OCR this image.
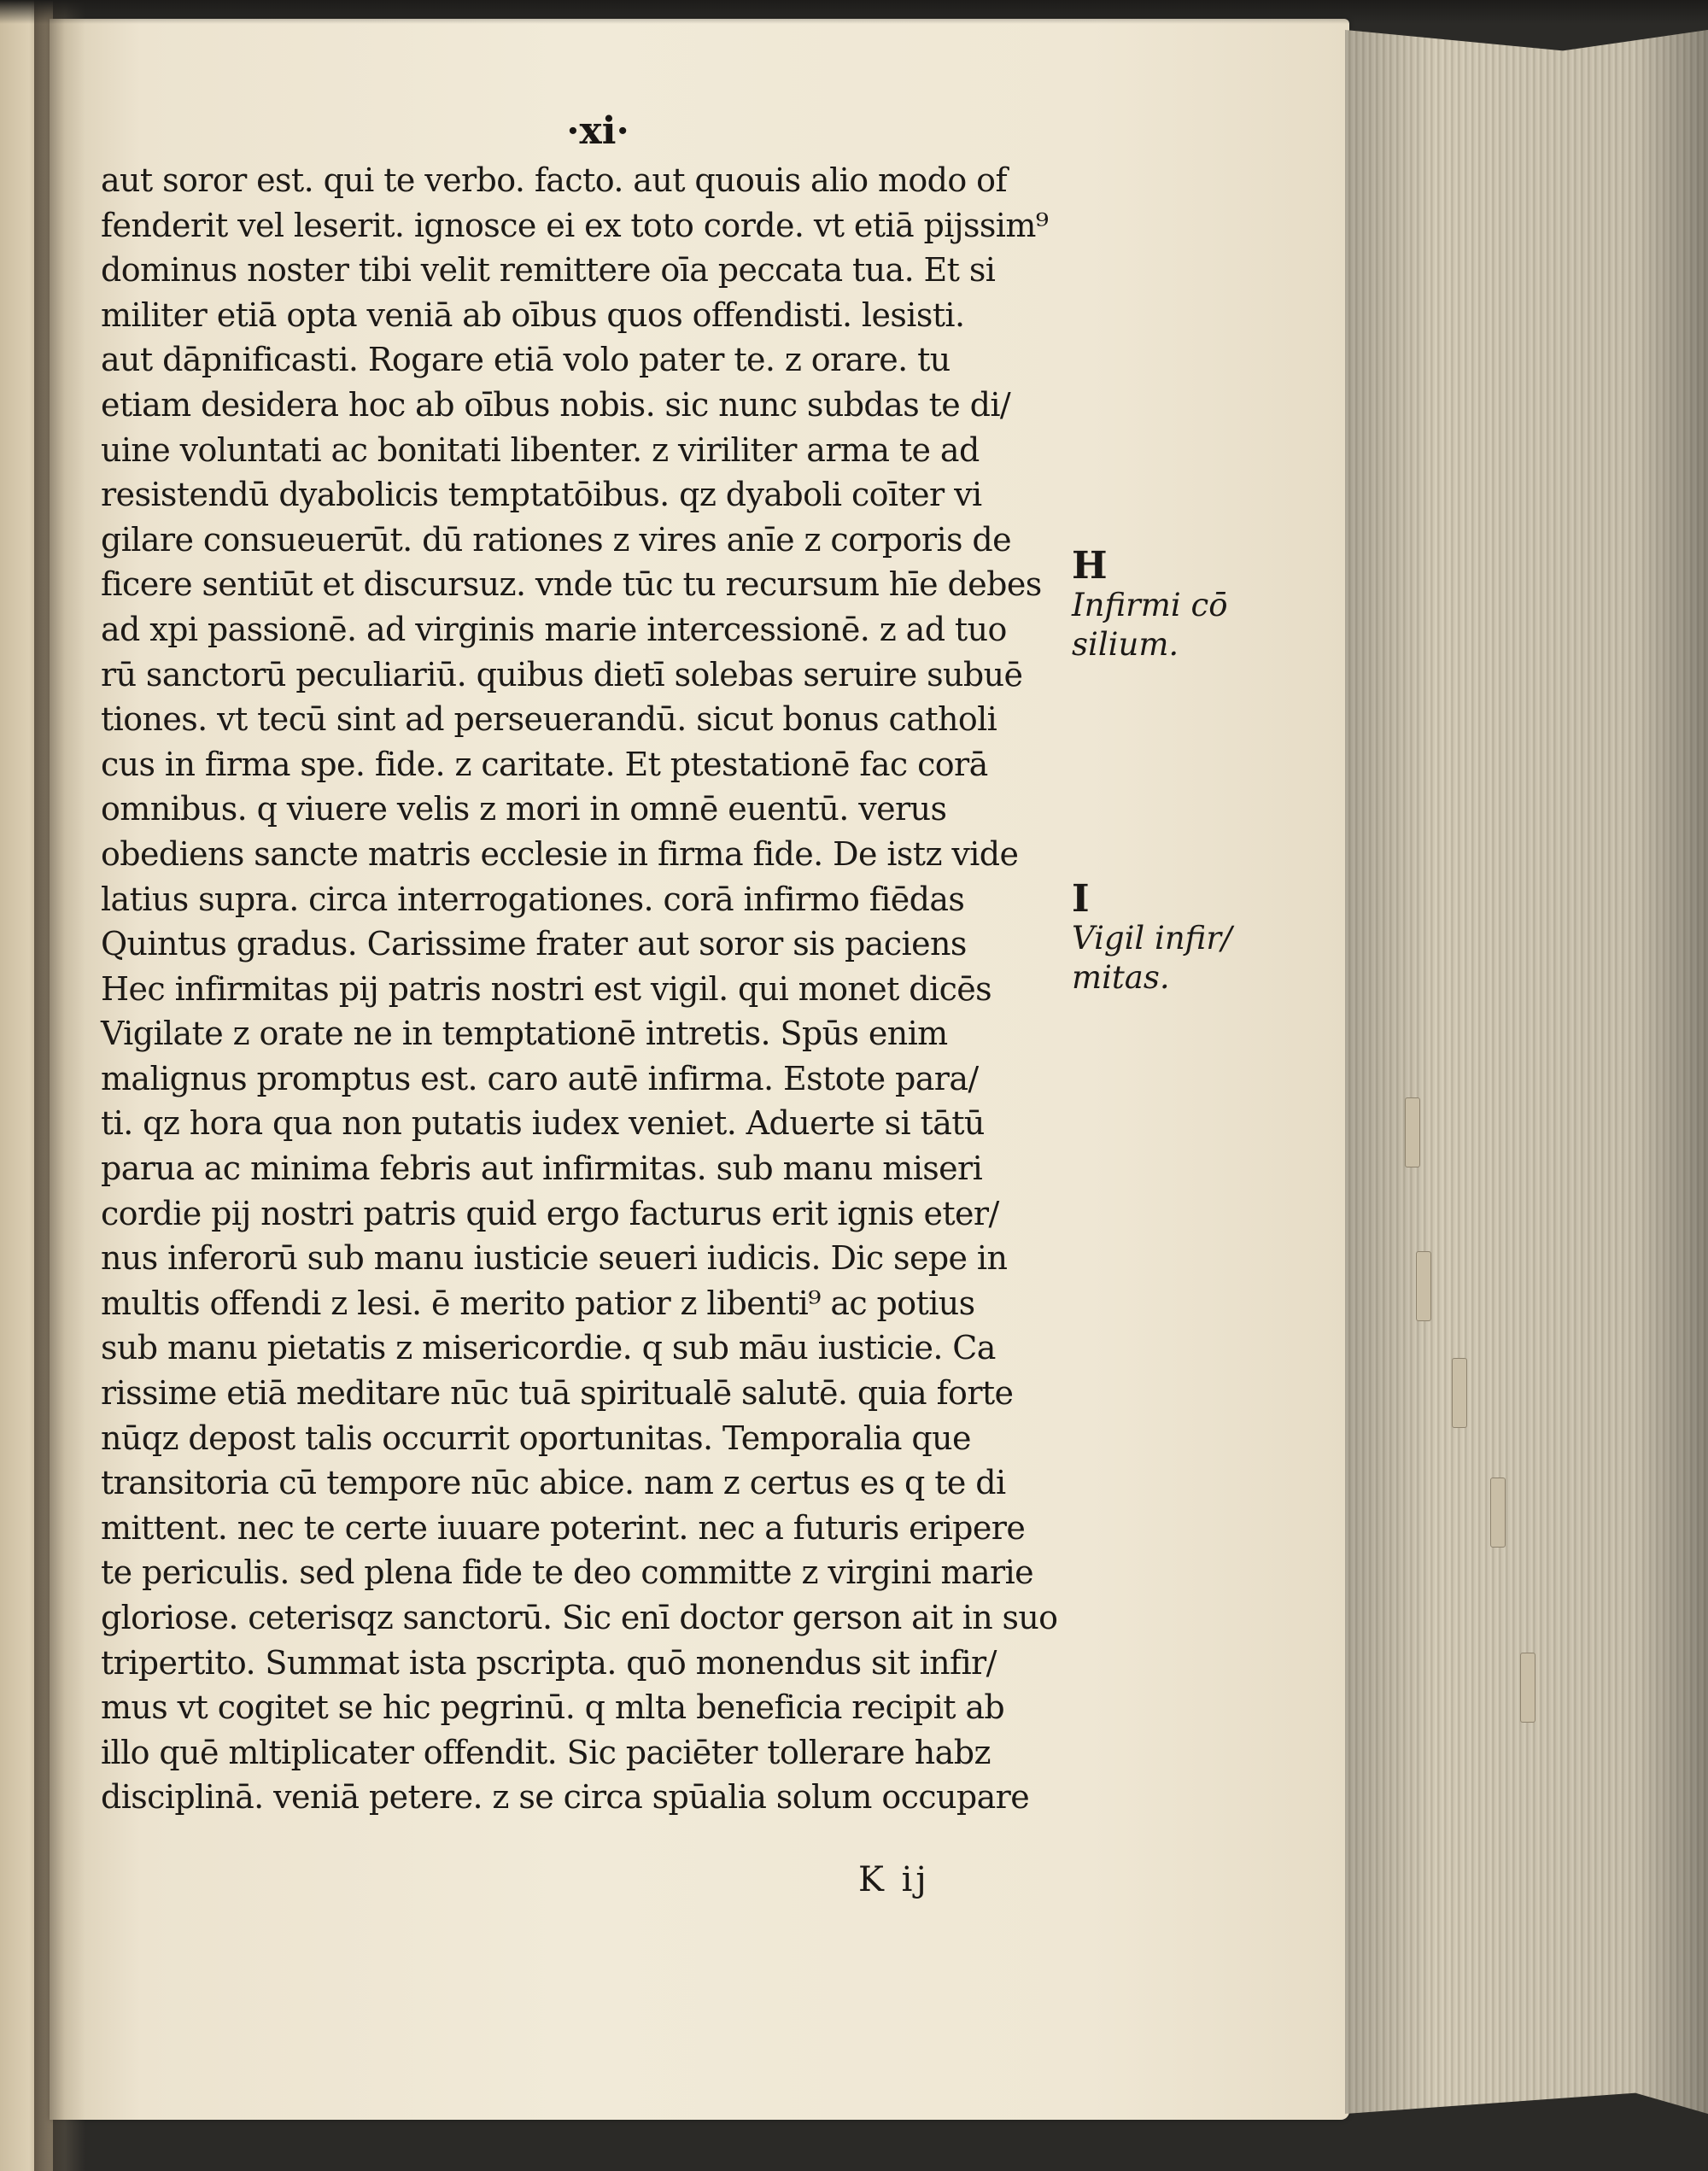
·xi·
aut soror est. qui te verbo. facto. aut quouis alio modo of
fenderit vel leserit. ignosce ei ex toto corde. vt etiā pijssim⁹
dominus noster tibi velit remittere oīa peccata tua. Et si
militer etiā opta veniā ab oībus quos offendisti. lesisti.
aut dāpnificasti. Rogare etiā volo pater te. z orare. tu
etiam desidera hoc ab oībus nobis. sic nunc subdas te di/
uine voluntati ac bonitati libenter. z viriliter arma te ad
resistendū dyabolicis temptatōibus. qz dyaboli coīter vi
gilare consueuerūt. dū rationes z vires anīe z corporis de
ficere sentiūt et discursuz. vnde tūc tu recursum hīe debes
ad xpi passionē. ad virginis marie intercessionē. z ad tuo
rū sanctorū peculiariū. quibus dietī solebas seruire subuē
tiones. vt tecū sint ad perseuerandū. sicut bonus catholi
cus in firma spe. fide. z caritate. Et ptestationē fac corā
omnibus. q viuere velis z mori in omnē euentū. verus
obediens sancte matris ecclesie in firma fide. De istz vide
latius supra. circa interrogationes. corā infirmo fiēdas
Quintus gradus. Carissime frater aut soror sis paciens
Hec infirmitas pij patris nostri est vigil. qui monet dicēs
Vigilate z orate ne in temptationē intretis. Spūs enim
malignus promptus est. caro autē infirma. Estote para/
ti. qz hora qua non putatis iudex veniet. Aduerte si tātū
parua ac minima febris aut infirmitas. sub manu miseri
cordie pij nostri patris quid ergo facturus erit ignis eter/
nus inferorū sub manu iusticie seueri iudicis. Dic sepe in
multis offendi z lesi. ē merito patior z libenti⁹ ac potius
sub manu pietatis z misericordie. q sub māu iusticie. Ca
rissime etiā meditare nūc tuā spiritualē salutē. quia forte
nūqz depost talis occurrit oportunitas. Temporalia que
transitoria cū tempore nūc abice. nam z certus es q te di
mittent. nec te certe iuuare poterint. nec a futuris eripere
te periculis. sed plena fide te deo committe z virgini marie
gloriose. ceterisqz sanctorū. Sic enī doctor gerson ait in suo
tripertito. Summat ista pscripta. quō monendus sit infir/
mus vt cogitet se hic pegrinū. q mlta beneficia recipit ab
illo quē mltiplicater offendit. Sic paciēter tollerare habz
disciplinā. veniā petere. z se circa spūalia solum occupare
H
Infirmi cō
silium.
I
Vigil infir/
mitas.
K ij
